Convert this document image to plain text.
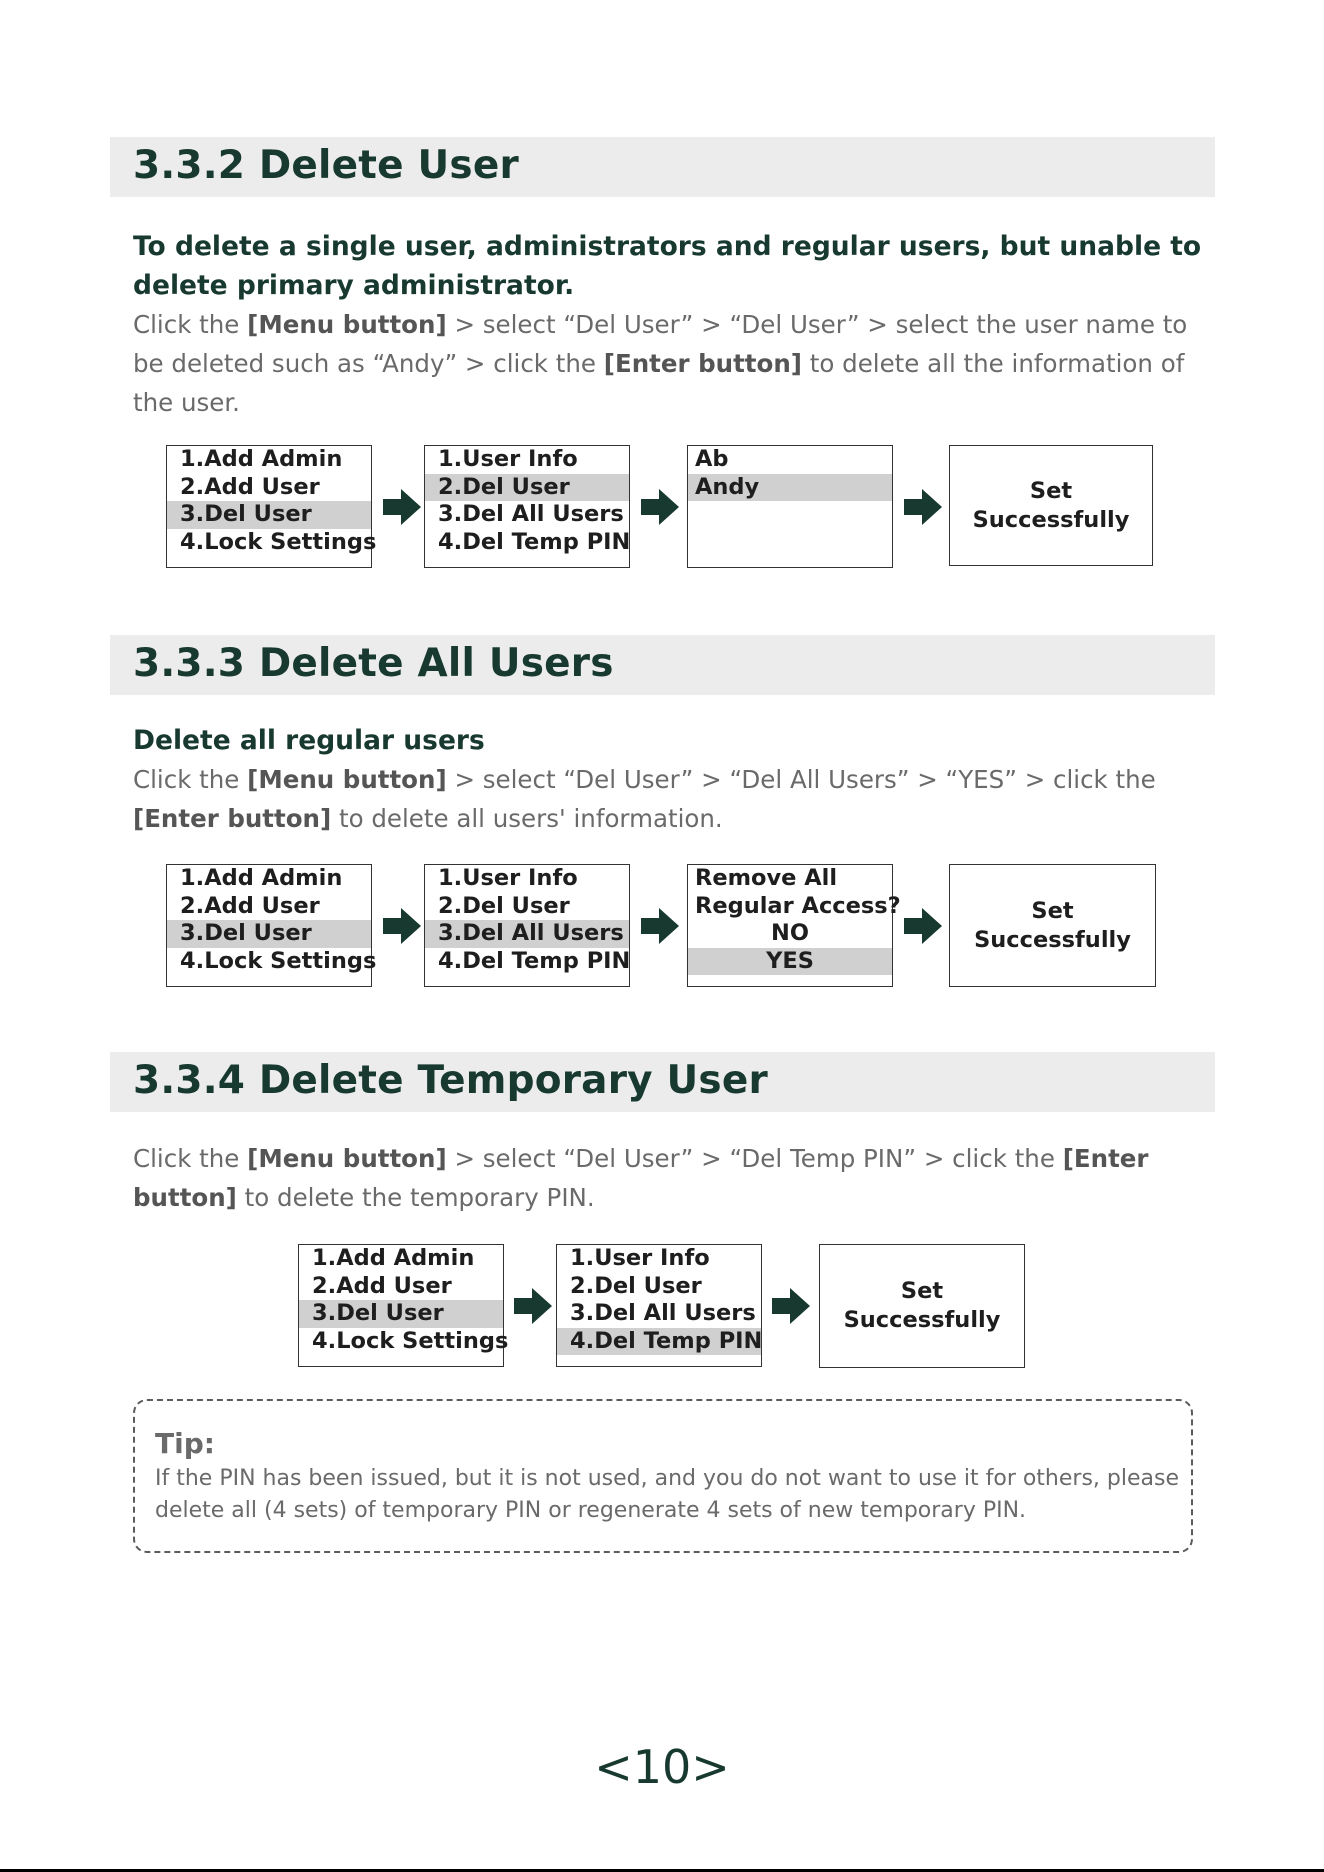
3.3.2 Delete User

To delete a single user, administrators and regular users, but unable to delete primary administrator.

Click the [Menu button] > select “Del User” > “Del User” > select the user name to be deleted such as “Andy” > click the [Enter button] to delete all the information of the user.

1.Add Admin
2.Add User
3.Del User
4.Lock Settings
1.User Info
2.Del User
3.Del All Users
4.Del Temp PIN
Ab
Andy	Set
Successfully
3.3.3 Delete All Users

Delete all regular users

Click the [Menu button] > select “Del User” > “Del All Users” > “YES” > click the [Enter button] to delete all users' information.

1.Add Admin
2.Add User
3.Del User
4.Lock Settings
1.User Info
2.Del User
3.Del All Users
4.Del Temp PIN
Remove All
Regular Access?
NO
YES
Set
Successfully
3.3.4 Delete Temporary User

Click the [Menu button] > select “Del User” > “Del Temp PIN” > click the [Enter button] to delete the temporary PIN.

1.Add Admin
2.Add User
3.Del User
4.Lock Settings
1.User Info
2.Del User
3.Del All Users
4.Del Temp PIN
Set
Successfully
Tip:
If the PIN has been issued, but it is not used, and you do not want to use it for others, please delete all (4 sets) of temporary PIN or regenerate 4 sets of new temporary PIN.
<10>
